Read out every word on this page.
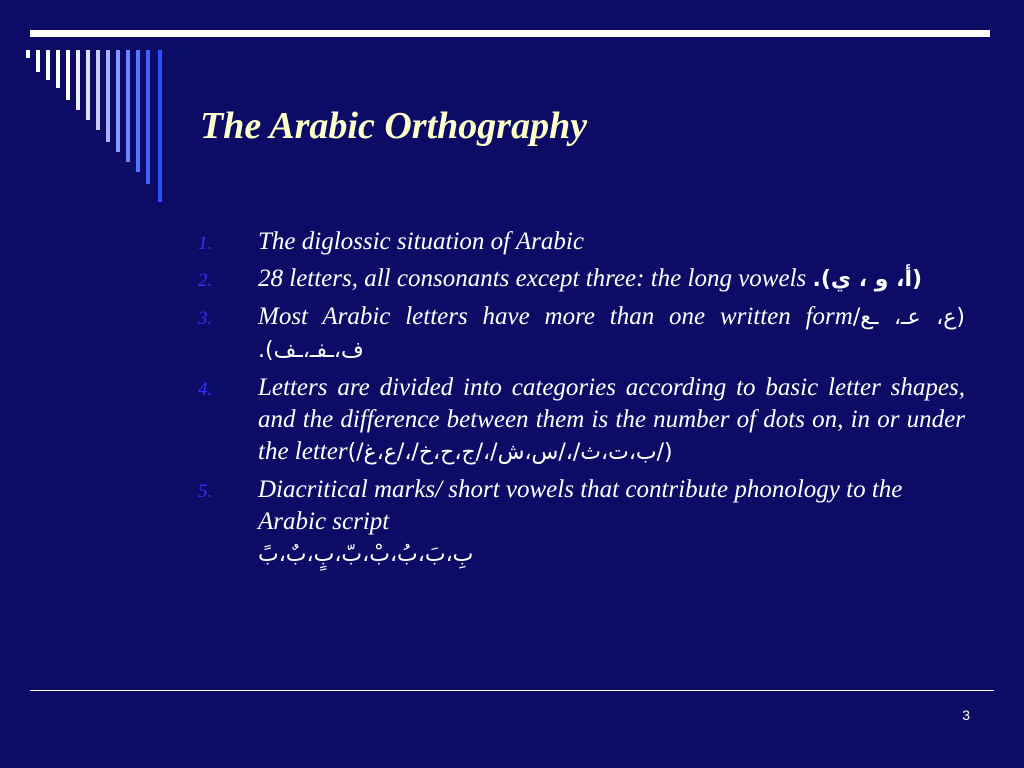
The Arabic Orthography
1.	The diglossic situation of Arabic
2.	28 letters, all consonants except three: the long vowels (أ، و ، ي).
3.	Most Arabic letters have more than one written form(ع، عـ، ـع/ ف،ـفـ،ـف).
4.	Letters are divided into categories according to basic letter shapes, and the difference between them is the number of dots on, in or under the letter(/ب،ت،ث/،/س،ش/،/ج،ح،خ/،/ع،غ/)
5.	Diacritical marks/ short vowels that contribute phonology to the Arabic script
بِ،بَ،بُ،بْ،بّ،بٍ،بٌ،بً
3
